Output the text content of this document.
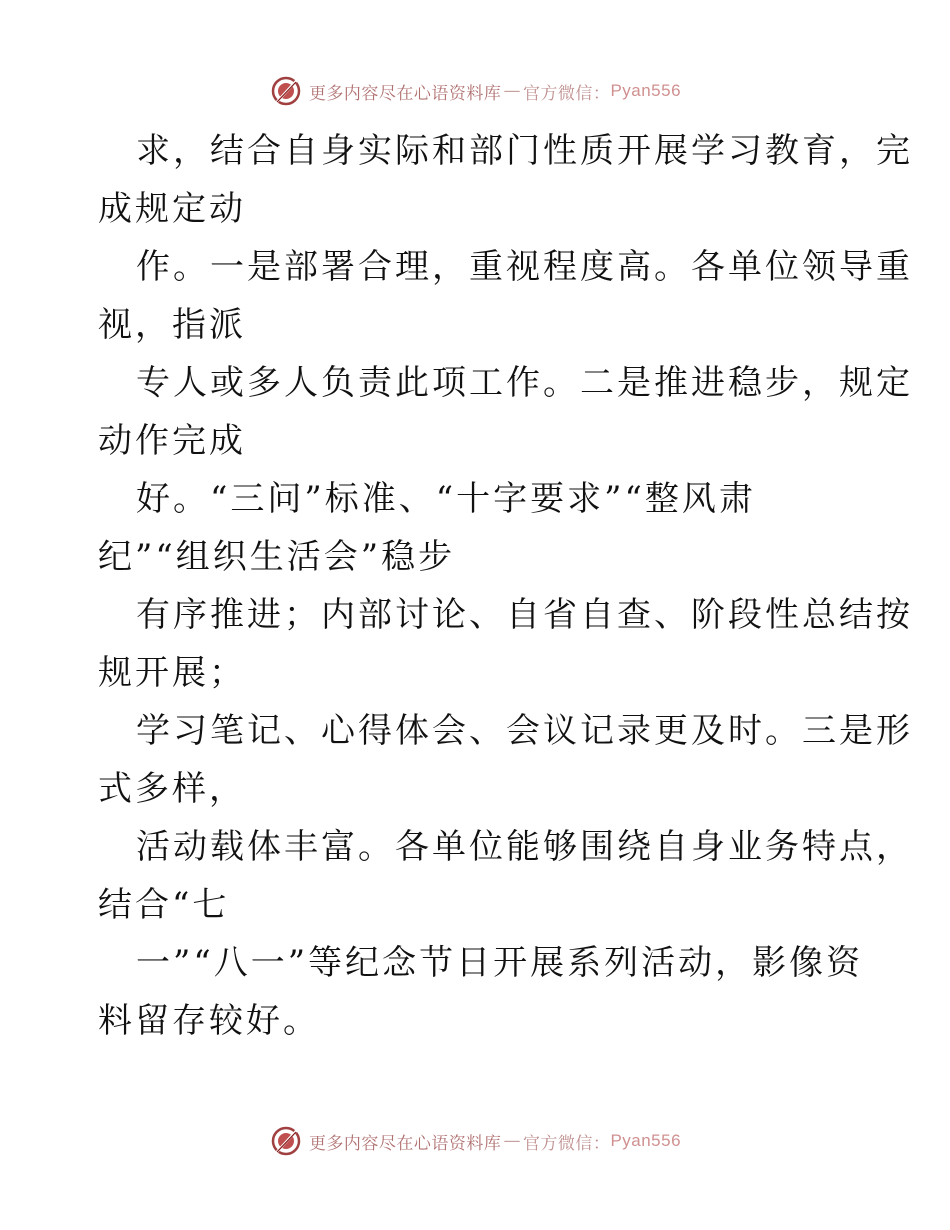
更多内容尽在心语资料库 — 官方微信： Pyan556

求，结合自身实际和部门性质开展学习教育，完
成规定动

作。一是部署合理，重视程度高。各单位领导重
视，指派

专人或多人负责此项工作。二是推进稳步，规定
动作完成

好。“三问”标准、“十字要求”“整风肃
纪”“组织生活会”稳步

有序推进；内部讨论、自省自查、阶段性总结按
规开展；

学习笔记、心得体会、会议记录更及时。三是形
式多样，

活动载体丰富。各单位能够围绕自身业务特点，
结合“七

一”“八一”等纪念节日开展系列活动，影像资
料留存较好。

更多内容尽在心语资料库 — 官方微信： Pyan556
